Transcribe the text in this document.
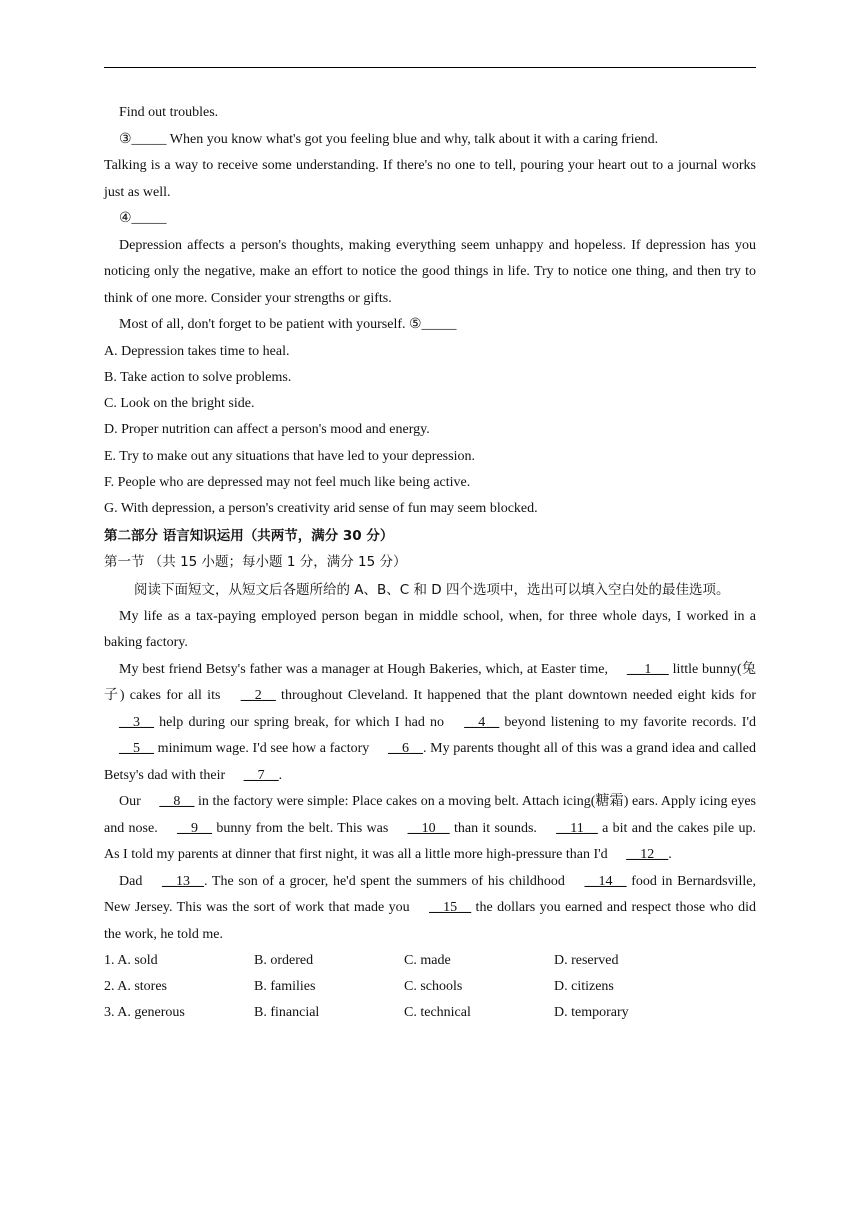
Find out troubles.

③_____ When you know what's got you feeling blue and why, talk about it with a caring friend.

Talking is a way to receive some understanding. If there's no one to tell, pouring your heart out to a journal works just as well.

④_____

Depression affects a person's thoughts, making everything seem unhappy and hopeless. If depression has you noticing only the negative, make an effort to notice the good things in life. Try to notice one thing, and then try to think of one more. Consider your strengths or gifts.

Most of all, don't forget to be patient with yourself. ⑤_____

A. Depression takes time to heal.

B. Take action to solve problems.

C. Look on the bright side.

D. Proper nutrition can affect a person's mood and energy.

E. Try to make out any situations that have led to your depression.

F. People who are depressed may not feel much like being active.

G. With depression, a person's creativity arid sense of fun may seem blocked.

第二部分 语言知识运用（共两节，满分 30 分）

第一节 （共 15 小题；每小题 1 分，满分 15 分）

阅读下面短文，从短文后各题所给的 A、B、C 和 D 四个选项中，选出可以填入空白处的最佳选项。

My life as a tax-paying employed person began in middle school, when, for three whole days, I worked in a baking factory.

My best friend Betsy's father was a manager at Hough Bakeries, which, at Easter time,  __1__  little bunny(兔子) cakes for all its __2__ throughout Cleveland. It happened that the plant downtown needed eight kids for __3__ help during our spring break, for which I had no __4__ beyond listening to my favorite records. I'd __5__ minimum wage. I'd see how a factory __6__. My parents thought all of this was a grand idea and called Betsy's dad with their __7__.

Our __8__ in the factory were simple: Place cakes on a moving belt. Attach icing(糖霜) ears. Apply icing eyes and nose. __9__ bunny from the belt. This was __10__ than it sounds. __11__ a bit and the cakes pile up. As I told my parents at dinner that first night, it was all a little more high-pressure than I'd __12__.

Dad __13__. The son of a grocer, he'd spent the summers of his childhood __14__ food in Bernardsville, New Jersey. This was the sort of work that made you __15__ the dollars you earned and respect those who did the work, he told me.

1. A. sold	B. ordered	C. made	D. reserved
2. A. stores	B. families	C. schools	D. citizens
3. A. generous	B. financial	C. technical	D. temporary
